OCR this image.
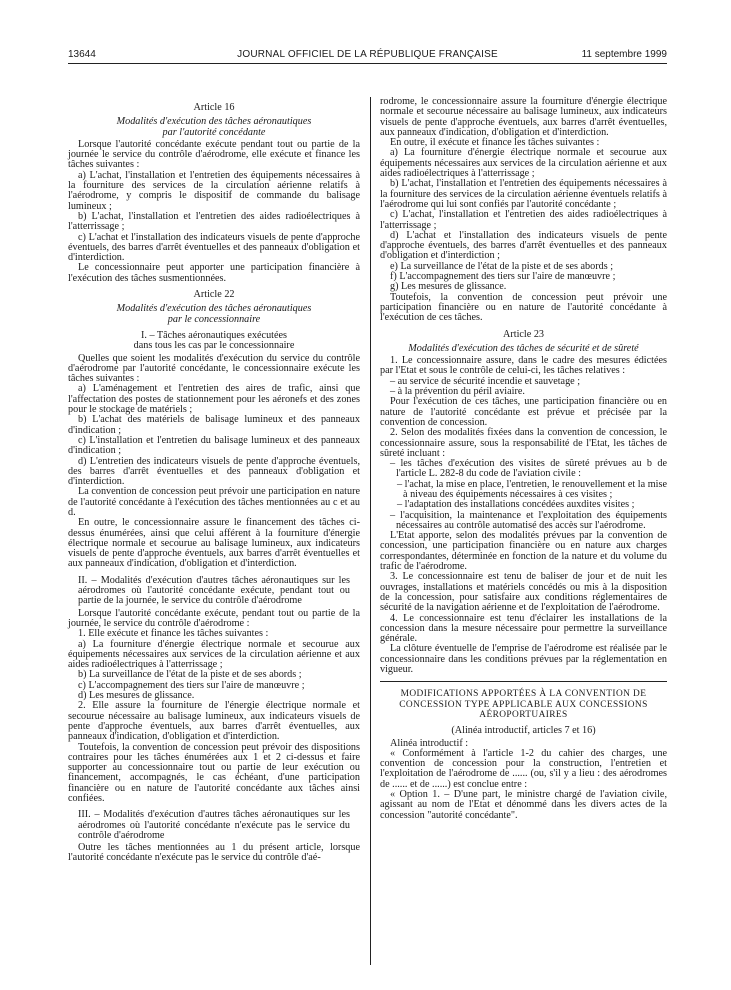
13644	JOURNAL OFFICIEL DE LA RÉPUBLIQUE FRANÇAISE	11 septembre 1999

Article 16

Modalités d'exécution des tâches aéronautiques

par l'autorité concédante

Lorsque l'autorité concédante exécute pendant tout ou partie de la journée le service du contrôle d'aérodrome, elle exécute et finance les tâches suivantes :

a) L'achat, l'installation et l'entretien des équipements nécessaires à la fourniture des services de la circulation aérienne relatifs à l'aérodrome, y compris le dispositif de commande du balisage lumineux ;

b) L'achat, l'installation et l'entretien des aides radioélectriques à l'atterrissage ;

c) L'achat et l'installation des indicateurs visuels de pente d'approche éventuels, des barres d'arrêt éventuelles et des panneaux d'obligation et d'interdiction.

Le concessionnaire peut apporter une participation financière à l'exécution des tâches susmentionnées.

Article 22

Modalités d'exécution des tâches aéronautiques

par le concessionnaire

I. – Tâches aéronautiques exécutées

dans tous les cas par le concessionnaire

Quelles que soient les modalités d'exécution du service du contrôle d'aérodrome par l'autorité concédante, le concessionnaire exécute les tâches suivantes :

a) L'aménagement et l'entretien des aires de trafic, ainsi que l'affectation des postes de stationnement pour les aéronefs et des zones pour le stockage de matériels ;

b) L'achat des matériels de balisage lumineux et des panneaux d'indication ;

c) L'installation et l'entretien du balisage lumineux et des panneaux d'indication ;

d) L'entretien des indicateurs visuels de pente d'approche éventuels, des barres d'arrêt éventuelles et des panneaux d'obligation et d'interdiction.

La convention de concession peut prévoir une participation en nature de l'autorité concédante à l'exécution des tâches mentionnées au c et au d.

En outre, le concessionnaire assure le financement des tâches ci-dessus énumérées, ainsi que celui afférent à la fourniture d'énergie électrique normale et secourue au balisage lumineux, aux indicateurs visuels de pente d'approche éventuels, aux barres d'arrêt éventuelles et aux panneaux d'indication, d'obligation et d'interdiction.

II. – Modalités d'exécution d'autres tâches aéronautiques sur les aérodromes où l'autorité concédante exécute, pendant tout ou partie de la journée, le service du contrôle d'aérodrome

Lorsque l'autorité concédante exécute, pendant tout ou partie de la journée, le service du contrôle d'aérodrome :

1. Elle exécute et finance les tâches suivantes :

a) La fourniture d'énergie électrique normale et secourue aux équipements nécessaires aux services de la circulation aérienne et aux aides radioélectriques à l'atterrissage ;

b) La surveillance de l'état de la piste et de ses abords ;

c) L'accompagnement des tiers sur l'aire de manœuvre ;

d) Les mesures de glissance.

2. Elle assure la fourniture de l'énergie électrique normale et secourue nécessaire au balisage lumineux, aux indicateurs visuels de pente d'approche éventuels, aux barres d'arrêt éventuelles, aux panneaux d'indication, d'obligation et d'interdiction.

Toutefois, la convention de concession peut prévoir des dispositions contraires pour les tâches énumérées aux 1 et 2 ci-dessus et faire supporter au concessionnaire tout ou partie de leur exécution ou financement, accompagnés, le cas échéant, d'une participation financière ou en nature de l'autorité concédante aux tâches ainsi confiées.

III. – Modalités d'exécution d'autres tâches aéronautiques sur les aérodromes où l'autorité concédante n'exécute pas le service du contrôle d'aérodrome

Outre les tâches mentionnées au 1 du présent article, lorsque l'autorité concédante n'exécute pas le service du contrôle d'aé-

rodrome, le concessionnaire assure la fourniture d'énergie électrique normale et secourue nécessaire au balisage lumineux, aux indicateurs visuels de pente d'approche éventuels, aux barres d'arrêt éventuelles, aux panneaux d'indication, d'obligation et d'interdiction.

En outre, il exécute et finance les tâches suivantes :

a) La fourniture d'énergie électrique normale et secourue aux équipements nécessaires aux services de la circulation aérienne et aux aides radioélectriques à l'atterrissage ;

b) L'achat, l'installation et l'entretien des équipements nécessaires à la fourniture des services de la circulation aérienne éventuels relatifs à l'aérodrome qui lui sont confiés par l'autorité concédante ;

c) L'achat, l'installation et l'entretien des aides radioélectriques à l'atterrissage ;

d) L'achat et l'installation des indicateurs visuels de pente d'approche éventuels, des barres d'arrêt éventuelles et des panneaux d'obligation et d'interdiction ;

e) La surveillance de l'état de la piste et de ses abords ;

f) L'accompagnement des tiers sur l'aire de manœuvre ;

g) Les mesures de glissance.

Toutefois, la convention de concession peut prévoir une participation financière ou en nature de l'autorité concédante à l'exécution de ces tâches.

Article 23

Modalités d'exécution des tâches de sécurité et de sûreté

1. Le concessionnaire assure, dans le cadre des mesures édictées par l'Etat et sous le contrôle de celui-ci, les tâches relatives :

– au service de sécurité incendie et sauvetage ;

– à la prévention du péril aviaire.

Pour l'exécution de ces tâches, une participation financière ou en nature de l'autorité concédante est prévue et précisée par la convention de concession.

2. Selon des modalités fixées dans la convention de concession, le concessionnaire assure, sous la responsabilité de l'Etat, les tâches de sûreté incluant :

– les tâches d'exécution des visites de sûreté prévues au b de l'article L. 282-8 du code de l'aviation civile :

– l'achat, la mise en place, l'entretien, le renouvellement et la mise à niveau des équipements nécessaires à ces visites ;

– l'adaptation des installations concédées auxdites visites ;

– l'acquisition, la maintenance et l'exploitation des équipements nécessaires au contrôle automatisé des accès sur l'aérodrome.

L'Etat apporte, selon des modalités prévues par la convention de concession, une participation financière ou en nature aux charges correspondantes, déterminée en fonction de la nature et du volume du trafic de l'aérodrome.

3. Le concessionnaire est tenu de baliser de jour et de nuit les ouvrages, installations et matériels concédés ou mis à la disposition de la concession, pour satisfaire aux conditions réglementaires de sécurité de la navigation aérienne et de l'exploitation de l'aérodrome.

4. Le concessionnaire est tenu d'éclairer les installations de la concession dans la mesure nécessaire pour permettre la surveillance générale.

La clôture éventuelle de l'emprise de l'aérodrome est réalisée par le concessionnaire dans les conditions prévues par la réglementation en vigueur.

MODIFICATIONS APPORTÉES À LA CONVENTION DE CONCESSION TYPE APPLICABLE AUX CONCESSIONS AÉROPORTUAIRES

(Alinéa introductif, articles 7 et 16)

Alinéa introductif :

« Conformément à l'article 1-2 du cahier des charges, une convention de concession pour la construction, l'entretien et l'exploitation de l'aérodrome de ...... (ou, s'il y a lieu : des aérodromes de ...... et de ......) est conclue entre :

« Option 1. – D'une part, le ministre chargé de l'aviation civile, agissant au nom de l'Etat et dénommé dans les divers actes de la concession "autorité concédante".
